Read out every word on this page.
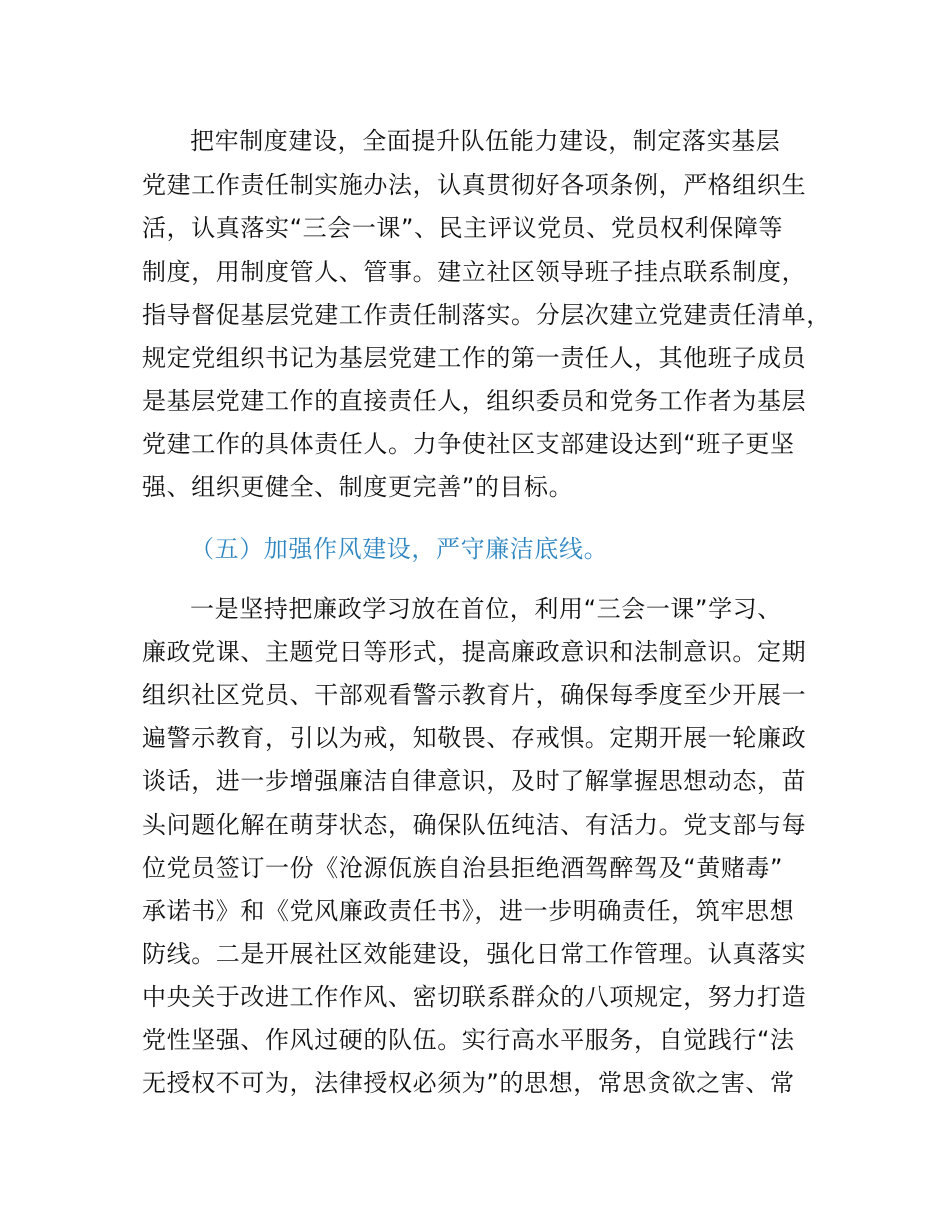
把牢制度建设，全面提升队伍能力建设，制定落实基层
党建工作责任制实施办法，认真贯彻好各项条例，严格组织生
活，认真落实“三会一课”、民主评议党员、党员权利保障等
制度，用制度管人、管事。建立社区领导班子挂点联系制度，
指导督促基层党建工作责任制落实。分层次建立党建责任清单，
规定党组织书记为基层党建工作的第一责任人，其他班子成员
是基层党建工作的直接责任人，组织委员和党务工作者为基层
党建工作的具体责任人。力争使社区支部建设达到“班子更坚
强、组织更健全、制度更完善”的目标。
（五）加强作风建设，严守廉洁底线。
一是坚持把廉政学习放在首位，利用“三会一课”学习、
廉政党课、主题党日等形式，提高廉政意识和法制意识。定期
组织社区党员、干部观看警示教育片，确保每季度至少开展一
遍警示教育，引以为戒，知敬畏、存戒惧。定期开展一轮廉政
谈话，进一步增强廉洁自律意识，及时了解掌握思想动态，苗
头问题化解在萌芽状态，确保队伍纯洁、有活力。党支部与每
位党员签订一份《沧源佤族自治县拒绝酒驾醉驾及“黄赌毒”
承诺书》和《党风廉政责任书》，进一步明确责任，筑牢思想
防线。二是开展社区效能建设，强化日常工作管理。认真落实
中央关于改进工作作风、密切联系群众的八项规定，努力打造
党性坚强、作风过硬的队伍。实行高水平服务，自觉践行“法
无授权不可为，法律授权必须为”的思想，常思贪欲之害、常
